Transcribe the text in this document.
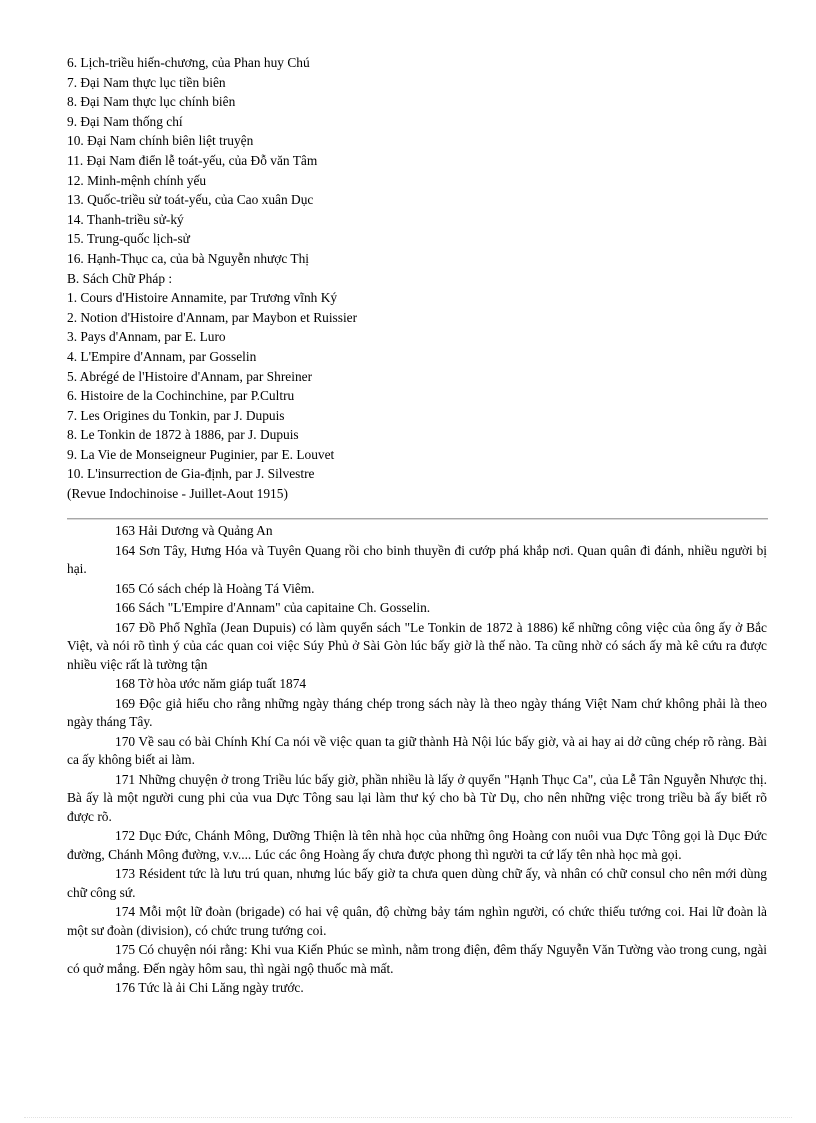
6. Lịch-triều hiến-chương, của Phan huy Chú
7. Đại Nam thực lục tiền biên
8. Đại Nam thực lục chính biên
9. Đại Nam thống chí
10. Đại Nam chính biên liệt truyện
11. Đại Nam điển lễ toát-yếu, của Đỗ văn Tâm
12. Minh-mệnh chính yếu
13. Quốc-triều sử toát-yếu, của Cao xuân Dục
14. Thanh-triều sử-ký
15. Trung-quốc lịch-sử
16. Hạnh-Thục ca, của bà Nguyễn nhược Thị
B. Sách Chữ Pháp :
1. Cours d'Histoire Annamite, par Trương vĩnh Ký
2. Notion d'Histoire d'Annam, par Maybon et Ruissier
3. Pays d'Annam, par E. Luro
4. L'Empire d'Annam, par Gosselin
5. Abrégé de l'Histoire d'Annam, par Shreiner
6. Histoire de la Cochinchine, par P.Cultru
7. Les Origines du Tonkin, par J. Dupuis
8. Le Tonkin de 1872 à 1886, par J. Dupuis
9. La Vie de Monseigneur Puginier, par E. Louvet
10. L'insurrection de Gia-định, par J. Silvestre
(Revue Indochinoise - Juillet-Aout 1915)

163 Hải Dương và Quảng An

164 Sơn Tây, Hưng Hóa và Tuyên Quang rồi cho binh thuyền đi cướp phá khắp nơi. Quan quân đi đánh, nhiều người bị hại.

165 Có sách chép là Hoàng Tá Viêm.

166 Sách "L'Empire d'Annam" của capitaine Ch. Gosselin.

167 Đồ Phổ Nghĩa (Jean Dupuis) có làm quyển sách "Le Tonkin de 1872 à 1886) kể những công việc của ông ấy ở Bắc Việt, và nói rõ tình ý của các quan coi việc Súy Phủ ở Sài Gòn lúc bấy giờ là thế nào. Ta cũng nhờ có sách ấy mà kê cứu ra được nhiều việc rất là tường tận

168 Tờ hòa ước năm giáp tuất 1874

169 Độc giả hiểu cho rằng những ngày tháng chép trong sách này là theo ngày tháng Việt Nam chứ không phải là theo ngày tháng Tây.

170 Về sau có bài Chính Khí Ca nói về việc quan ta giữ thành Hà Nội lúc bấy giờ, và ai hay ai dở cũng chép rõ ràng. Bài ca ấy không biết ai làm.

171 Những chuyện ở trong Triều lúc bấy giờ, phần nhiều là lấy ở quyển "Hạnh Thục Ca", của Lễ Tân Nguyễn Nhược thị. Bà ấy là một người cung phi của vua Dực Tông sau lại làm thư ký cho bà Từ Dụ, cho nên những việc trong triều bà ấy biết rõ được rõ.

172 Dục Đức, Chánh Mông, Dưỡng Thiện là tên nhà học của những ông Hoàng con nuôi vua Dực Tông gọi là Dục Đức đường, Chánh Mông đường, v.v.... Lúc các ông Hoàng ấy chưa được phong thì người ta cứ lấy tên nhà học mà gọi.

173 Résident tức là lưu trú quan, nhưng lúc bấy giờ ta chưa quen dùng chữ ấy, và nhân có chữ consul cho nên mới dùng chữ công sứ.

174 Mỗi một lữ đoàn (brigade) có hai vệ quân, độ chừng bảy tám nghìn người, có chức thiếu tướng coi. Hai lữ đoàn là một sư đoàn (division), có chức trung tướng coi.

175 Có chuyện nói rằng: Khi vua Kiến Phúc se mình, nằm trong điện, đêm thấy Nguyễn Văn Tường vào trong cung, ngài có quở mắng. Đến ngày hôm sau, thì ngài ngộ thuốc mà mất.

176 Tức là ải Chi Lăng ngày trước.
